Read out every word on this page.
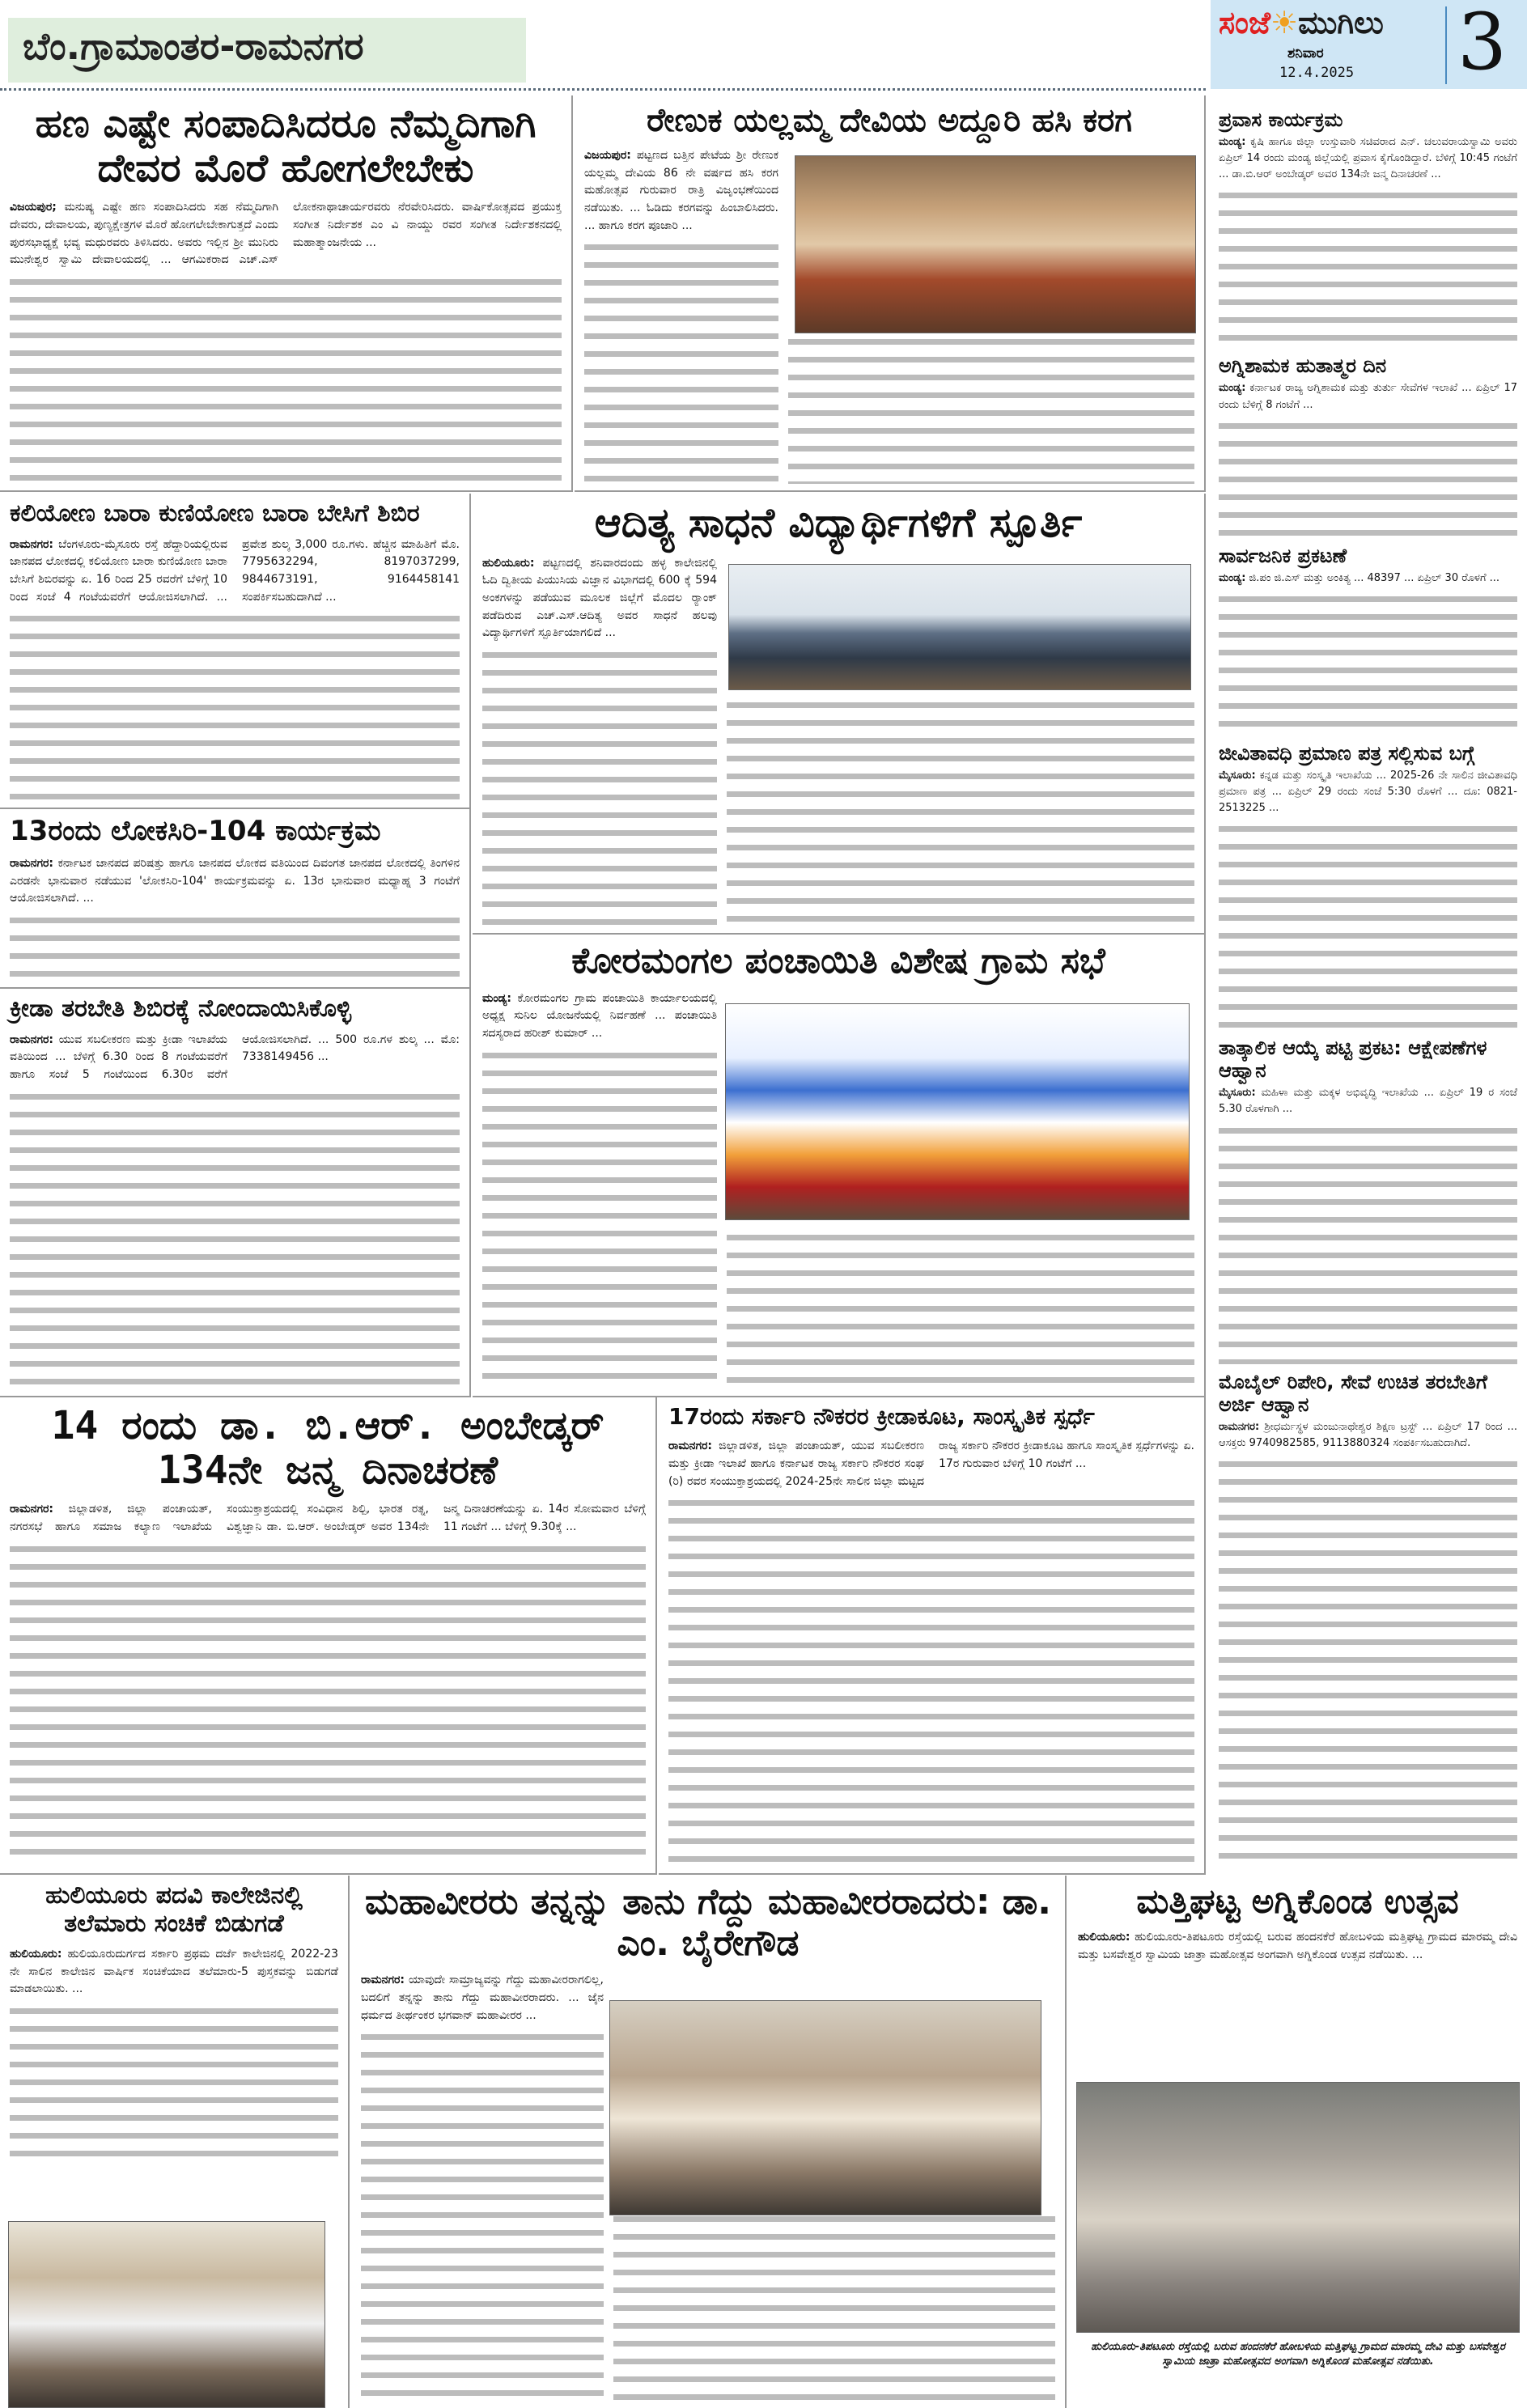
ಬೆಂ.ಗ್ರಾಮಾಂತರ-ರಾಮನಗರ
ಸಂಜೆ☀ಮುಗಿಲು
ಶನಿವಾರ
12.4.2025 3
ಹಣ ಎಷ್ಟೇ ಸಂಪಾದಿಸಿದರೂ ನೆಮ್ಮದಿಗಾಗಿ ದೇವರ ಮೊರೆ ಹೋಗಲೇಬೇಕು
ವಿಜಯಪುರ; ಮನುಷ್ಯ ಎಷ್ಟೇ ಹಣ ಸಂಪಾದಿಸಿದರು ಸಹ ನೆಮ್ಮದಿಗಾಗಿ ದೇವರು, ದೇವಾಲಯ, ಪುಣ್ಯಕ್ಷೇತ್ರಗಳ ಮೊರೆ ಹೋಗಲೇಬೇಕಾಗುತ್ತದೆ ಎಂದು ಪುರಸಭಾಧ್ಯಕ್ಷೆ ಭವ್ಯ ಮಧುರವರು ತಿಳಿಸಿದರು. ಅವರು ಇಲ್ಲಿನ ಶ್ರೀ ಮುನಿರು ಮುನೇಶ್ವರ ಸ್ವಾಮಿ ದೇವಾಲಯದಲ್ಲಿ ... ಆಗಮಿಕರಾದ ಎಚ್.ಎಸ್ ಲೋಕನಾಥಾಚಾರ್ಯರವರು ನೆರವೇರಿಸಿದರು. ವಾರ್ಷಿಕೋತ್ಸವದ ಪ್ರಯುಕ್ತ ಸಂಗೀತ ನಿರ್ದೇಶಕ ಎಂ ವಿ ನಾಯ್ಡು ರವರ ಸಂಗೀತ ನಿರ್ದೇಶಕನದಲ್ಲಿ ಮಹಾತ್ಮಾಂಜನೇಯ ...
ರೇಣುಕ ಯಲ್ಲಮ್ಮ ದೇವಿಯ ಅದ್ದೂರಿ ಹಸಿ ಕರಗ
ವಿಜಯಪುರ: ಪಟ್ಟಣದ ಬತ್ತಿನ ಪೇಟೆಯ ಶ್ರೀ ರೇಣುಕ ಯಲ್ಲಮ್ಮ ದೇವಿಯ 86 ನೇ ವರ್ಷದ ಹಸಿ ಕರಗ ಮಹೋತ್ಸವ ಗುರುವಾರ ರಾತ್ರಿ ವಿಜೃಂಭಣೆಯಿಂದ ನಡೆಯಿತು. ... ಓಡಿದು ಕರಗವನ್ನು ಹಿಂಬಾಲಿಸಿದರು. ... ಹಾಗೂ ಕರಗ ಪೂಜಾರಿ ...
ಪ್ರವಾಸ ಕಾರ್ಯಕ್ರಮ
ಮಂಡ್ಯ: ಕೃಷಿ ಹಾಗೂ ಜಿಲ್ಲಾ ಉಸ್ತುವಾರಿ ಸಚಿವರಾದ ಎನ್. ಚಲುವರಾಯಸ್ವಾಮಿ ಅವರು ಏಪ್ರಿಲ್ 14 ರಂದು ಮಂಡ್ಯ ಜಿಲ್ಲೆಯಲ್ಲಿ ಪ್ರವಾಸ ಕೈಗೊಂಡಿದ್ದಾರೆ. ಬೆಳಿಗ್ಗೆ 10:45 ಗಂಟೆಗೆ ... ಡಾ.ಬಿ.ಆರ್ ಅಂಬೇಡ್ಕರ್ ಅವರ 134ನೇ ಜನ್ಮ ದಿನಾಚರಣೆ ...
ಅಗ್ನಿಶಾಮಕ ಹುತಾತ್ಮರ ದಿನ
ಮಂಡ್ಯ: ಕರ್ನಾಟಕ ರಾಜ್ಯ ಅಗ್ನಿಶಾಮಕ ಮತ್ತು ತುರ್ತು ಸೇವೆಗಳ ಇಲಾಖೆ ... ಏಪ್ರಿಲ್ 17 ರಂದು ಬೆಳಿಗ್ಗೆ 8 ಗಂಟೆಗೆ ...
ಸಾರ್ವಜನಿಕ ಪ್ರಕಟಣೆ
ಮಂಡ್ಯ: ಜಿ.ಪಂ ಜಿ.ಎಸ್ ಮತ್ತು ಅಂಕಿತ್ಯ ... 48397 ... ಏಪ್ರಿಲ್ 30 ರೊಳಗೆ ...
ಜೀವಿತಾವಧಿ ಪ್ರಮಾಣ ಪತ್ರ ಸಲ್ಲಿಸುವ ಬಗ್ಗೆ
ಮೈಸೂರು: ಕನ್ನಡ ಮತ್ತು ಸಂಸ್ಕೃತಿ ಇಲಾಖೆಯ ... 2025-26 ನೇ ಸಾಲಿನ ಜೀವಿತಾವಧಿ ಪ್ರಮಾಣ ಪತ್ರ ... ಏಪ್ರಿಲ್ 29 ರಂದು ಸಂಜೆ 5:30 ರೊಳಗೆ ... ದೂ: 0821-2513225 ...
ತಾತ್ಕಾಲಿಕ ಆಯ್ಕೆ ಪಟ್ಟಿ ಪ್ರಕಟ: ಆಕ್ಷೇಪಣೆಗಳ ಆಹ್ವಾನ
ಮೈಸೂರು: ಮಹಿಳಾ ಮತ್ತು ಮಕ್ಕಳ ಅಭಿವೃದ್ಧಿ ಇಲಾಖೆಯ ... ಏಪ್ರಿಲ್ 19 ರ ಸಂಜೆ 5.30 ರೊಳಗಾಗಿ ...
ಮೊಬೈಲ್ ರಿಪೇರಿ, ಸೇವೆ ಉಚಿತ ತರಬೇತಿಗೆ ಅರ್ಜಿ ಆಹ್ವಾನ
ರಾಮನಗರ: ಶ್ರೀಧರ್ಮಸ್ಥಳ ಮಂಜುನಾಥೇಶ್ವರ ಶಿಕ್ಷಣ ಟ್ರಸ್ಟ್ ... ಏಪ್ರಿಲ್ 17 ರಿಂದ ... ಆಸಕ್ತರು 9740982585, 9113880324 ಸಂಪರ್ಕಿಸಬಹುದಾಗಿದೆ.
ಕಲಿಯೋಣ ಬಾರಾ ಕುಣಿಯೋಣ ಬಾರಾ ಬೇಸಿಗೆ ಶಿಬಿರ
ರಾಮನಗರ: ಬೆಂಗಳೂರು-ಮೈಸೂರು ರಸ್ತೆ ಹೆದ್ದಾರಿಯಲ್ಲಿರುವ ಜಾನಪದ ಲೋಕದಲ್ಲಿ ಕಲಿಯೋಣ ಬಾರಾ ಕುಣಿಯೋಣ ಬಾರಾ ಬೇಸಿಗೆ ಶಿಬಿರವನ್ನು ಏ. 16 ರಿಂದ 25 ರವರೆಗೆ ಬೆಳಿಗ್ಗೆ 10 ರಿಂದ ಸಂಜೆ 4 ಗಂಟೆಯವರೆಗೆ ಆಯೋಜಿಸಲಾಗಿದೆ. ... ಪ್ರವೇಶ ಶುಲ್ಕ 3,000 ರೂ.ಗಳು. ಹೆಚ್ಚಿನ ಮಾಹಿತಿಗೆ ಮೊ. 7795632294, 8197037299, 9844673191, 9164458141 ಸಂಪರ್ಕಿಸಬಹುದಾಗಿದೆ ...
13ರಂದು ಲೋಕಸಿರಿ-104 ಕಾರ್ಯಕ್ರಮ
ರಾಮನಗರ: ಕರ್ನಾಟಕ ಜಾನಪದ ಪರಿಷತ್ತು ಹಾಗೂ ಜಾನಪದ ಲೋಕದ ವತಿಯಿಂದ ದಿವಂಗತ ಜಾನಪದ ಲೋಕದಲ್ಲಿ ತಿಂಗಳಿನ ಎರಡನೇ ಭಾನುವಾರ ನಡೆಯುವ 'ಲೋಕಸಿರಿ-104' ಕಾರ್ಯಕ್ರಮವನ್ನು ಏ. 13ರ ಭಾನುವಾರ ಮಧ್ಯಾಹ್ನ 3 ಗಂಟೆಗೆ ಆಯೋಜಿಸಲಾಗಿದೆ. ...
ಕ್ರೀಡಾ ತರಬೇತಿ ಶಿಬಿರಕ್ಕೆ ನೋಂದಾಯಿಸಿಕೊಳ್ಳಿ
ರಾಮನಗರ: ಯುವ ಸಬಲೀಕರಣ ಮತ್ತು ಕ್ರೀಡಾ ಇಲಾಖೆಯ ವತಿಯಿಂದ ... ಬೆಳಿಗ್ಗೆ 6.30 ರಿಂದ 8 ಗಂಟೆಯವರೆಗೆ ಹಾಗೂ ಸಂಜೆ 5 ಗಂಟೆಯಿಂದ 6.30ರ ವರೆಗೆ ಆಯೋಜಿಸಲಾಗಿದೆ. ... 500 ರೂ.ಗಳ ಶುಲ್ಕ ... ಮೊ: 7338149456 ...
ಆದಿತ್ಯ ಸಾಧನೆ ವಿದ್ಯಾರ್ಥಿಗಳಿಗೆ ಸ್ಪೂರ್ತಿ
ಹುಲಿಯೂರು: ಪಟ್ಟಣದಲ್ಲಿ ಶನಿವಾರದಂದು ಹಳ್ಳ ಕಾಲೇಜಿನಲ್ಲಿ ಓದಿ ದ್ವಿತೀಯ ಪಿಯುಸಿಯ ವಿಜ್ಞಾನ ವಿಭಾಗದಲ್ಲಿ 600 ಕ್ಕೆ 594 ಅಂಕಗಳನ್ನು ಪಡೆಯುವ ಮೂಲಕ ಜಿಲ್ಲೆಗೆ ಮೊದಲ ರ‍್ಯಾಂಕ್ ಪಡೆದಿರುವ ಎಚ್.ಎಸ್.ಆದಿತ್ಯ ಅವರ ಸಾಧನೆ ಹಲವು ವಿದ್ಯಾರ್ಥಿಗಳಿಗೆ ಸ್ಪೂರ್ತಿಯಾಗಲಿದೆ ...
ಕೋರಮಂಗಲ ಪಂಚಾಯಿತಿ ವಿಶೇಷ ಗ್ರಾಮ ಸಭೆ
ಮಂಡ್ಯ: ಕೋರಮಂಗಲ ಗ್ರಾಮ ಪಂಚಾಯಿತಿ ಕಾರ್ಯಾಲಯದಲ್ಲಿ ಅಧ್ಯಕ್ಷ ಸುನಿಲ ಯೋಜನೆಯಲ್ಲಿ ನಿರ್ವಹಣೆ ... ಪಂಚಾಯಿತಿ ಸದಸ್ಯರಾದ ಹರೀಶ್ ಕುಮಾರ್ ...
14 ರಂದು ಡಾ. ಬಿ.ಆರ್. ಅಂಬೇಡ್ಕರ್ 134ನೇ ಜನ್ಮ ದಿನಾಚರಣೆ
ರಾಮನಗರ: ಜಿಲ್ಲಾಡಳಿತ, ಜಿಲ್ಲಾ ಪಂಚಾಯತ್, ನಗರಸಭೆ ಹಾಗೂ ಸಮಾಜ ಕಲ್ಯಾಣ ಇಲಾಖೆಯ ಸಂಯುಕ್ತಾಶ್ರಯದಲ್ಲಿ ಸಂವಿಧಾನ ಶಿಲ್ಪಿ, ಭಾರತ ರತ್ನ, ವಿಶ್ವಜ್ಞಾನಿ ಡಾ. ಬಿ.ಆರ್. ಅಂಬೇಡ್ಕರ್ ಅವರ 134ನೇ ಜನ್ಮ ದಿನಾಚರಣೆಯನ್ನು ಏ. 14ರ ಸೋಮವಾರ ಬೆಳಿಗ್ಗೆ 11 ಗಂಟೆಗೆ ... ಬೆಳಿಗ್ಗೆ 9.30ಕ್ಕೆ ...
17ರಂದು ಸರ್ಕಾರಿ ನೌಕರರ ಕ್ರೀಡಾಕೂಟ, ಸಾಂಸ್ಕೃತಿಕ ಸ್ಪರ್ಧೆ
ರಾಮನಗರ: ಜಿಲ್ಲಾಡಳಿತ, ಜಿಲ್ಲಾ ಪಂಚಾಯತ್, ಯುವ ಸಬಲೀಕರಣ ಮತ್ತು ಕ್ರೀಡಾ ಇಲಾಖೆ ಹಾಗೂ ಕರ್ನಾಟಕ ರಾಜ್ಯ ಸರ್ಕಾರಿ ನೌಕರರ ಸಂಘ (ರಿ) ರವರ ಸಂಯುಕ್ತಾಶ್ರಯದಲ್ಲಿ 2024-25ನೇ ಸಾಲಿನ ಜಿಲ್ಲಾ ಮಟ್ಟದ ರಾಜ್ಯ ಸರ್ಕಾರಿ ನೌಕರರ ಕ್ರೀಡಾಕೂಟ ಹಾಗೂ ಸಾಂಸ್ಕೃತಿಕ ಸ್ಪರ್ಧೆಗಳನ್ನು ಏ. 17ರ ಗುರುವಾರ ಬೆಳಿಗ್ಗೆ 10 ಗಂಟೆಗೆ ...
ಹುಲಿಯೂರು ಪದವಿ ಕಾಲೇಜಿನಲ್ಲಿ ತಲೆಮಾರು ಸಂಚಿಕೆ ಬಿಡುಗಡೆ
ಹುಲಿಯೂರು: ಹುಲಿಯೂರುದುರ್ಗದ ಸರ್ಕಾರಿ ಪ್ರಥಮ ದರ್ಜೆ ಕಾಲೇಜಿನಲ್ಲಿ 2022-23 ನೇ ಸಾಲಿನ ಕಾಲೇಜಿನ ವಾರ್ಷಿಕ ಸಂಚಿಕೆಯಾದ ತಲೆಮಾರು-5 ಪುಸ್ತಕವನ್ನು ಬಿಡುಗಡೆ ಮಾಡಲಾಯಿತು. ...
ಮಹಾವೀರರು ತನ್ನನ್ನು ತಾನು ಗೆದ್ದು ಮಹಾವೀರರಾದರು: ಡಾ. ಎಂ. ಬೈರೇಗೌಡ
ರಾಮನಗರ: ಯಾವುದೇ ಸಾಮ್ರಾಜ್ಯವನ್ನು ಗೆದ್ದು ಮಹಾವೀರರಾಗಲಿಲ್ಲ, ಬದಲಿಗೆ ತನ್ನನ್ನು ತಾನು ಗೆದ್ದು ಮಹಾವೀರರಾದರು. ... ಜೈನ ಧರ್ಮದ ತೀರ್ಥಂಕರ ಭಗವಾನ್ ಮಹಾವೀರರ ...
ಮತ್ತಿಘಟ್ಟ ಅಗ್ನಿಕೊಂಡ ಉತ್ಸವ
ಹುಲಿಯೂರು: ಹುಲಿಯೂರು-ತಿಪಟೂರು ರಸ್ತೆಯಲ್ಲಿ ಬರುವ ಹಂದನಕೆರೆ ಹೋಬಳಿಯ ಮತ್ತಿಘಟ್ಟ ಗ್ರಾಮದ ಮಾರಮ್ಮ ದೇವಿ ಮತ್ತು ಬಸವೇಶ್ವರ ಸ್ವಾಮಿಯ ಜಾತ್ರಾ ಮಹೋತ್ಸವ ಅಂಗವಾಗಿ ಅಗ್ನಿಕೊಂಡ ಉತ್ಸವ ನಡೆಯಿತು. ...
ಹುಲಿಯೂರು-ತಿಪಟೂರು ರಸ್ತೆಯಲ್ಲಿ ಬರುವ ಹಂದನಕೆರೆ ಹೋಬಳಿಯ ಮತ್ತಿಘಟ್ಟ ಗ್ರಾಮದ ಮಾರಮ್ಮ ದೇವಿ ಮತ್ತು ಬಸವೇಶ್ವರ ಸ್ವಾಮಿಯ ಜಾತ್ರಾ ಮಹೋತ್ಸವದ ಅಂಗವಾಗಿ ಅಗ್ನಿಕೊಂಡ ಮಹೋತ್ಸವ ನಡೆಯಿತು.
